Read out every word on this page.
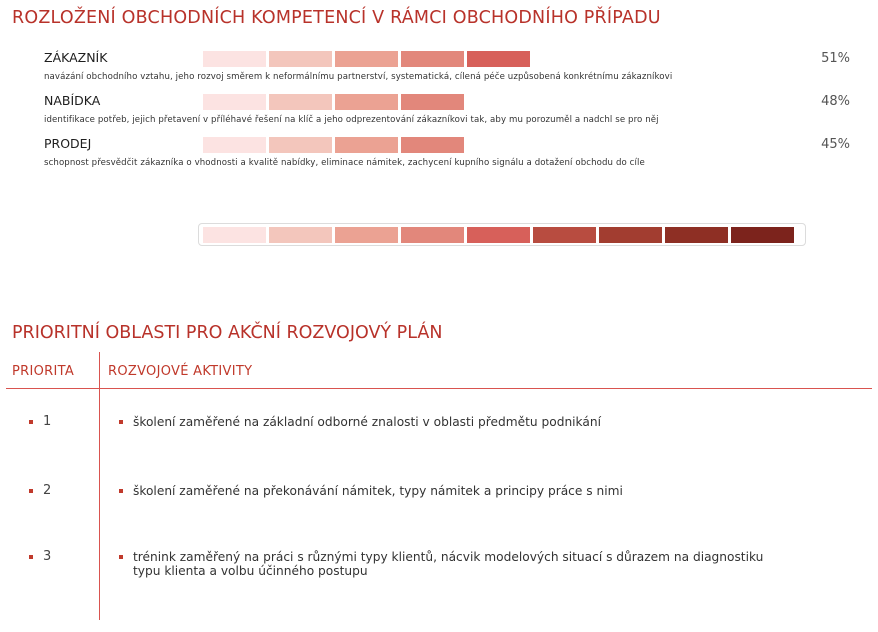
ROZLOŽENÍ OBCHODNÍCH KOMPETENCÍ V RÁMCI OBCHODNÍHO PŘÍPADU
ZÁKAZNÍK	51%
navázání obchodního vztahu, jeho rozvoj směrem k neformálnímu partnerství, systematická, cílená péče uzpůsobená konkrétnímu zákazníkovi
NABÍDKA	48%
identifikace potřeb, jejich přetavení v příléhavé řešení na klíč a jeho odprezentování zákazníkovi tak, aby mu porozuměl a nadchl se pro něj
PRODEJ	45%
schopnost přesvědčit zákazníka o vhodnosti a kvalitě nabídky, eliminace námitek, zachycení kupního signálu a dotažení obchodu do cíle
PRIORITNÍ OBLASTI PRO AKČNÍ ROZVOJOVÝ PLÁN
PRIORITA	ROZVOJOVÉ AKTIVITY
1	školení zaměřené na základní odborné znalosti v oblasti předmětu podnikání
2	školení zaměřené na překonávání námitek, typy námitek a principy práce s nimi
3	trénink zaměřený na práci s různými typy klientů, nácvik modelových situací s důrazem na diagnostiku
typu klienta a volbu účinného postupu
